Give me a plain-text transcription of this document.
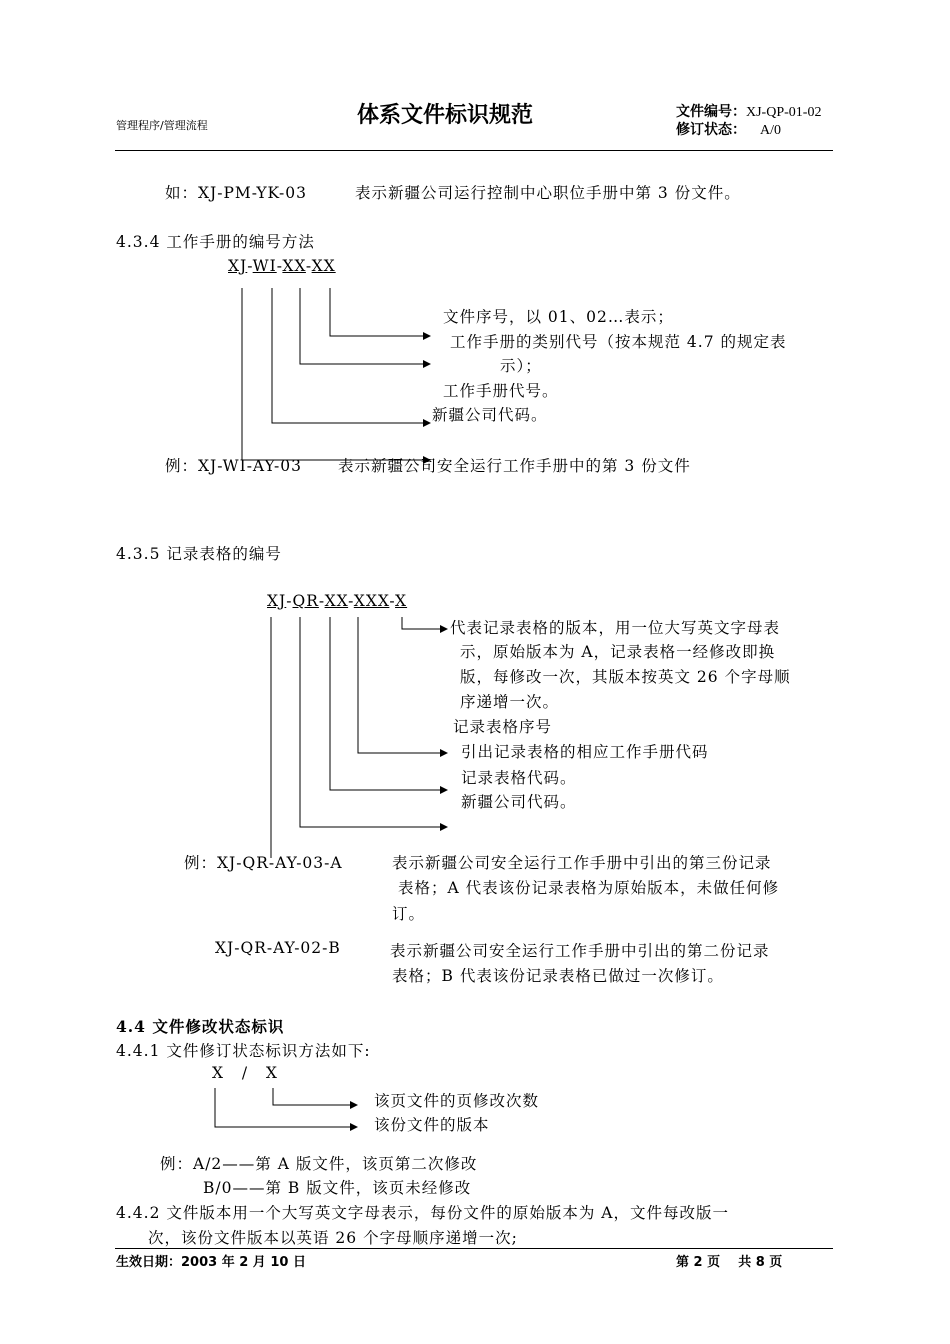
管理程序/管理流程	体系文件标识规范	文件编号：XJ-QP-01-02
修订状态： A/0
如：XJ-PM-YK-03	表示新疆公司运行控制中心职位手册中第 3 份文件。
4.3.4 工作手册的编号方法
XJ-WI-XX-XX
文件序号，以 01、02…表示；
工作手册的类别代号（按本规范 4.7 的规定表
示）；
工作手册代号。
新疆公司代码。
例：XJ-WI-AY-03 表示新疆公司安全运行工作手册中的第 3 份文件
4.3.5 记录表格的编号
XJ-QR-XX-XXX-X
代表记录表格的版本，用一位大写英文字母表
示，原始版本为 A，记录表格一经修改即换
版，每修改一次，其版本按英文 26 个字母顺
序递增一次。
记录表格序号
引出记录表格的相应工作手册代码
记录表格代码。
新疆公司代码。
例：XJ-QR-AY-03-A	表示新疆公司安全运行工作手册中引出的第三份记录
表格；A 代表该份记录表格为原始版本，未做任何修
订。
XJ-QR-AY-02-B	表示新疆公司安全运行工作手册中引出的第二份记录
表格；B 代表该份记录表格已做过一次修订。
4.4 文件修改状态标识
4.4.1 文件修订状态标识方法如下:
X   /   X
该页文件的页修改次数
该份文件的版本
例：A/2——第 A 版文件，该页第二次修改
B/0——第 B 版文件，该页未经修改
4.4.2 文件版本用一个大写英文字母表示，每份文件的原始版本为 A，文件每改版一
次，该份文件版本以英语 26 个字母顺序递增一次;
生效日期：2003 年 2 月 10 日	第 2 页    共 8 页
